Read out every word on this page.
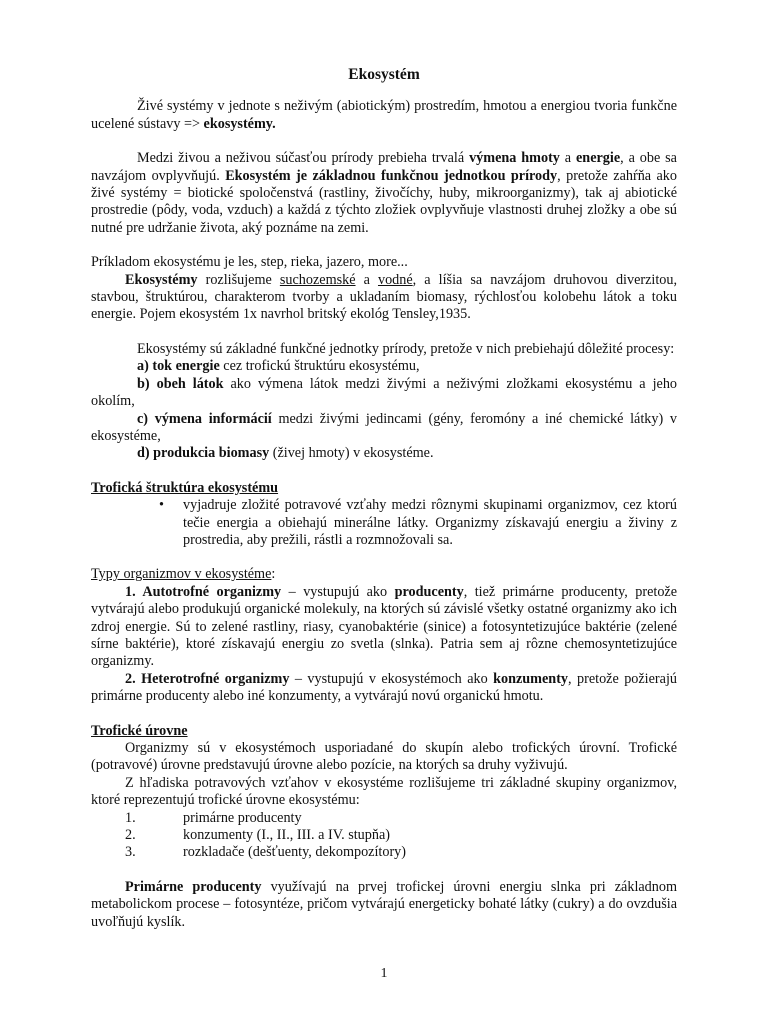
Ekosystém

Živé systémy v jednote s neživým (abiotickým) prostredím, hmotou a energiou tvoria funkčne ucelené sústavy => ekosystémy.

Medzi živou a neživou súčasťou prírody prebieha trvalá výmena hmoty a energie, a obe sa navzájom ovplyvňujú. Ekosystém je základnou funkčnou jednotkou prírody, pretože zahŕňa ako živé systémy = biotické spoločenstvá (rastliny, živočíchy, huby, mikroorganizmy), tak aj abiotické prostredie (pôdy, voda, vzduch) a každá z týchto zložiek ovplyvňuje vlastnosti druhej zložky a obe sú nutné pre udržanie života, aký poznáme na zemi.

Príkladom ekosystému je les, step, rieka, jazero, more...

Ekosystémy rozlišujeme suchozemské a vodné, a líšia sa navzájom druhovou diverzitou, stavbou, štruktúrou, charakterom tvorby a ukladaním biomasy, rýchlosťou kolobehu látok a toku energie. Pojem ekosystém 1x navrhol britský ekológ Tensley,1935.

Ekosystémy sú základné funkčné jednotky prírody, pretože v nich prebiehajú dôležité procesy:

a) tok energie cez trofickú štruktúru ekosystému,

b) obeh látok ako výmena látok medzi živými a neživými zložkami ekosystému a jeho okolím,

c) výmena informácií medzi živými jedincami (gény, feromóny a iné chemické látky) v ekosystéme,

d) produkcia biomasy (živej hmoty) v ekosystéme.

Trofická štruktúra ekosystému

•	vyjadruje zložité potravové vzťahy medzi rôznymi skupinami organizmov, cez ktorú tečie energia a obiehajú minerálne látky. Organizmy získavajú energiu a živiny z prostredia, aby prežili, rástli a rozmnožovali sa.

Typy organizmov v ekosystéme:

1. Autotrofné organizmy – vystupujú ako producenty, tiež primárne producenty, pretože vytvárajú alebo produkujú organické molekuly, na ktorých sú závislé všetky ostatné organizmy ako ich zdroj energie. Sú to zelené rastliny, riasy, cyanobaktérie (sinice) a fotosyntetizujúce baktérie (zelené sírne baktérie), ktoré získavajú energiu zo svetla (slnka). Patria sem aj rôzne chemosyntetizujúce organizmy.

2. Heterotrofné organizmy – vystupujú v ekosystémoch ako konzumenty, pretože požierajú primárne producenty alebo iné konzumenty, a vytvárajú novú organickú hmotu.

Trofické úrovne

Organizmy sú v ekosystémoch usporiadané do skupín alebo trofických úrovní. Trofické (potravové) úrovne predstavujú úrovne alebo pozície, na ktorých sa druhy vyživujú.

Z hľadiska potravových vzťahov v ekosystéme rozlišujeme tri základné skupiny organizmov, ktoré reprezentujú trofické úrovne ekosystému:

1.	primárne producenty
2.	konzumenty (I., II., III. a IV. stupňa)
3.	rozkladače (dešťuenty, dekompozítory)

Primárne producenty využívajú na prvej trofickej úrovni energiu slnka pri základnom metabolickom procese – fotosyntéze, pričom vytvárajú energeticky bohaté látky (cukry) a do ovzdušia uvoľňujú kyslík.

1
